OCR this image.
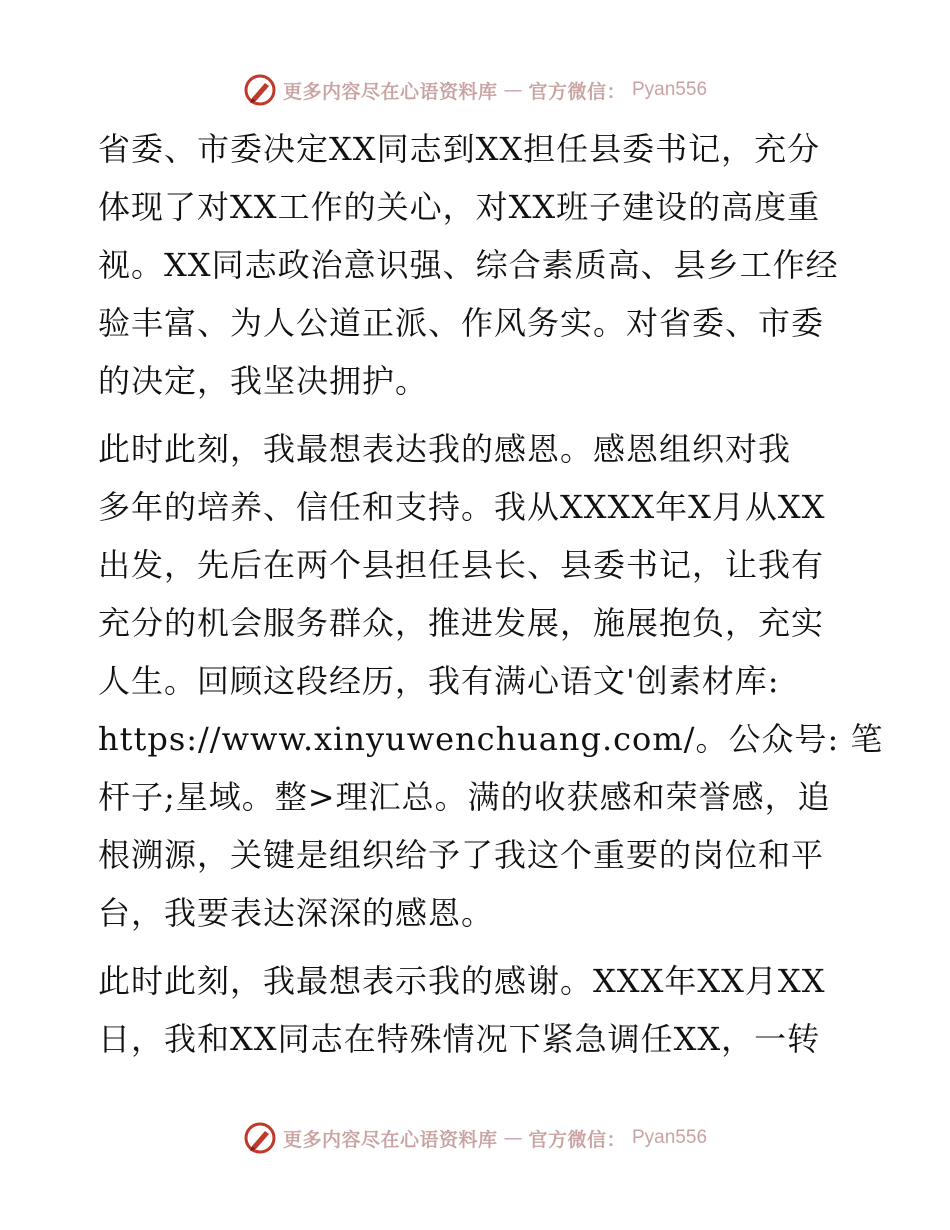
更多内容尽在心语资料库 — 官方微信： Pyan556

省委、市委决定XX同志到XX担任县委书记，充分
体现了对XX工作的关心，对XX班子建设的高度重
视。XX同志政治意识强、综合素质高、县乡工作经
验丰富、为人公道正派、作风务实。对省委、市委
的决定，我坚决拥护。

此时此刻，我最想表达我的感恩。感恩组织对我
多年的培养、信任和支持。我从XXXX年X月从XX
出发，先后在两个县担任县长、县委书记，让我有
充分的机会服务群众，推进发展，施展抱负，充实
人生。回顾这段经历，我有满心语文'创素材库:
https://www.xinyuwenchuang.com/。公众号: 笔
杆子;星域。整>理汇总。满的收获感和荣誉感，追
根溯源，关键是组织给予了我这个重要的岗位和平
台，我要表达深深的感恩。

此时此刻，我最想表示我的感谢。XXX年XX月XX
日，我和XX同志在特殊情况下紧急调任XX，一转

更多内容尽在心语资料库 — 官方微信： Pyan556
